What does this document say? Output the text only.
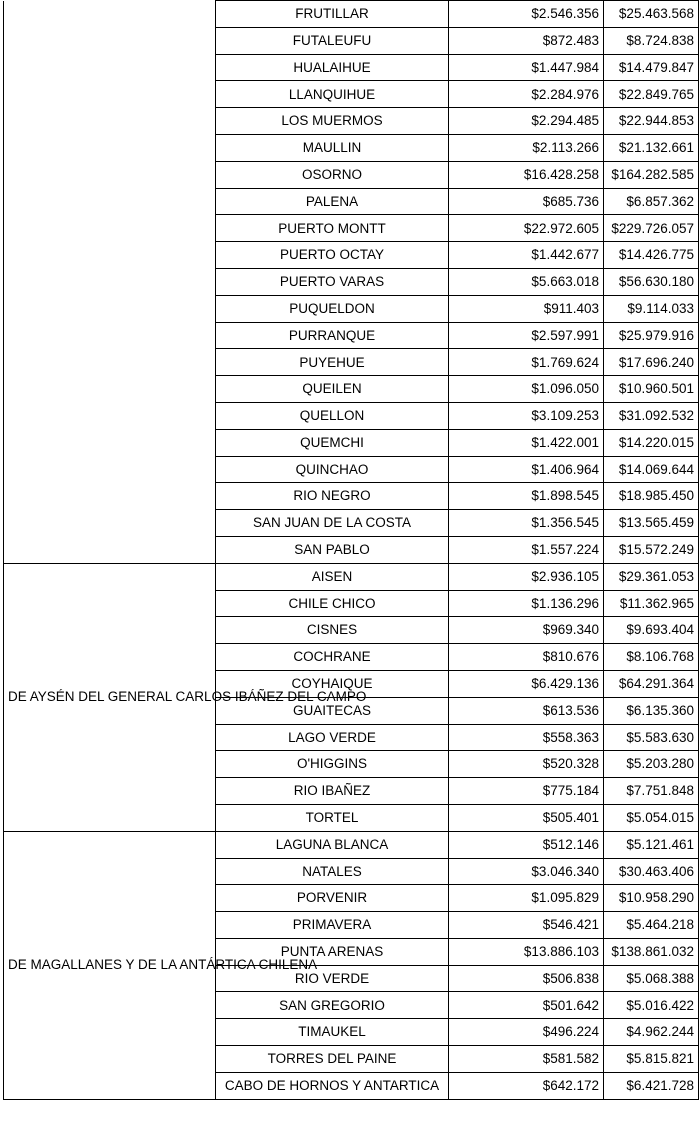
	FRUTILLAR	$2.546.356	$25.463.568
	FUTALEUFU	$872.483	$8.724.838
	HUALAIHUE	$1.447.984	$14.479.847
	LLANQUIHUE	$2.284.976	$22.849.765
	LOS MUERMOS	$2.294.485	$22.944.853
	MAULLIN	$2.113.266	$21.132.661
	OSORNO	$16.428.258	$164.282.585
	PALENA	$685.736	$6.857.362
	PUERTO MONTT	$22.972.605	$229.726.057
	PUERTO OCTAY	$1.442.677	$14.426.775
	PUERTO VARAS	$5.663.018	$56.630.180
	PUQUELDON	$911.403	$9.114.033
	PURRANQUE	$2.597.991	$25.979.916
	PUYEHUE	$1.769.624	$17.696.240
	QUEILEN	$1.096.050	$10.960.501
	QUELLON	$3.109.253	$31.092.532
	QUEMCHI	$1.422.001	$14.220.015
	QUINCHAO	$1.406.964	$14.069.644
	RIO NEGRO	$1.898.545	$18.985.450
	SAN JUAN DE LA COSTA	$1.356.545	$13.565.459
	SAN PABLO	$1.557.224	$15.572.249
DE AYSÉN DEL GENERAL CARLOS IBÁÑEZ DEL CAMPO	AISEN	$2.936.105	$29.361.053
	CHILE CHICO	$1.136.296	$11.362.965
	CISNES	$969.340	$9.693.404
	COCHRANE	$810.676	$8.106.768
	COYHAIQUE	$6.429.136	$64.291.364
	GUAITECAS	$613.536	$6.135.360
	LAGO VERDE	$558.363	$5.583.630
	O'HIGGINS	$520.328	$5.203.280
	RIO IBAÑEZ	$775.184	$7.751.848
	TORTEL	$505.401	$5.054.015
DE MAGALLANES Y DE LA ANTÁRTICA CHILENA	LAGUNA BLANCA	$512.146	$5.121.461
	NATALES	$3.046.340	$30.463.406
	PORVENIR	$1.095.829	$10.958.290
	PRIMAVERA	$546.421	$5.464.218
	PUNTA ARENAS	$13.886.103	$138.861.032
	RIO VERDE	$506.838	$5.068.388
	SAN GREGORIO	$501.642	$5.016.422
	TIMAUKEL	$496.224	$4.962.244
	TORRES DEL PAINE	$581.582	$5.815.821
	CABO DE HORNOS Y ANTARTICA	$642.172	$6.421.728
